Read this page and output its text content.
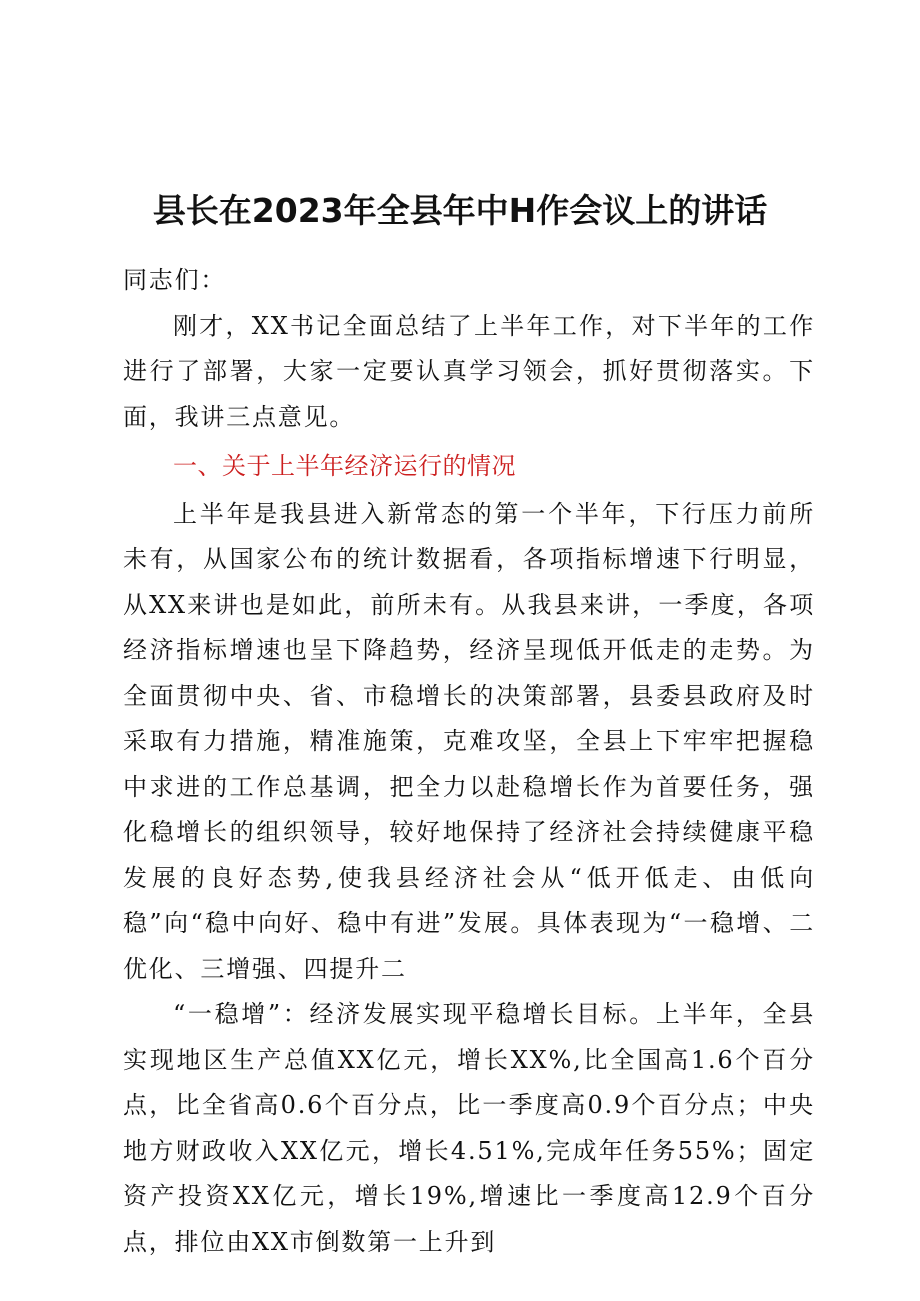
县长在2023年全县年中H作会议上的讲话

同志们：

刚才，XX书记全面总结了上半年工作，对下半年的工作进行了部署，大家一定要认真学习领会，抓好贯彻落实。下面，我讲三点意见。

一、关于上半年经济运行的情况

上半年是我县进入新常态的第一个半年，下行压力前所未有，从国家公布的统计数据看，各项指标增速下行明显，从XX来讲也是如此，前所未有。从我县来讲，一季度，各项经济指标增速也呈下降趋势，经济呈现低开低走的走势。为全面贯彻中央、省、市稳增长的决策部署，县委县政府及时采取有力措施，精准施策，克难攻坚，全县上下牢牢把握稳中求进的工作总基调，把全力以赴稳增长作为首要任务，强化稳增长的组织领导，较好地保持了经济社会持续健康平稳发展的良好态势,使我县经济社会从“低开低走、由低向稳”向“稳中向好、稳中有进”发展。具体表现为“一稳增、二优化、三增强、四提升二

“一稳增”：经济发展实现平稳增长目标。上半年，全县实现地区生产总值XX亿元，增长XX%,比全国高1.6个百分点，比全省高0.6个百分点，比一季度高0.9个百分点；中央地方财政收入XX亿元，增长4.51%,完成年任务55%；固定资产投资XX亿元，增长19%,增速比一季度高12.9个百分点，排位由XX市倒数第一上升到
